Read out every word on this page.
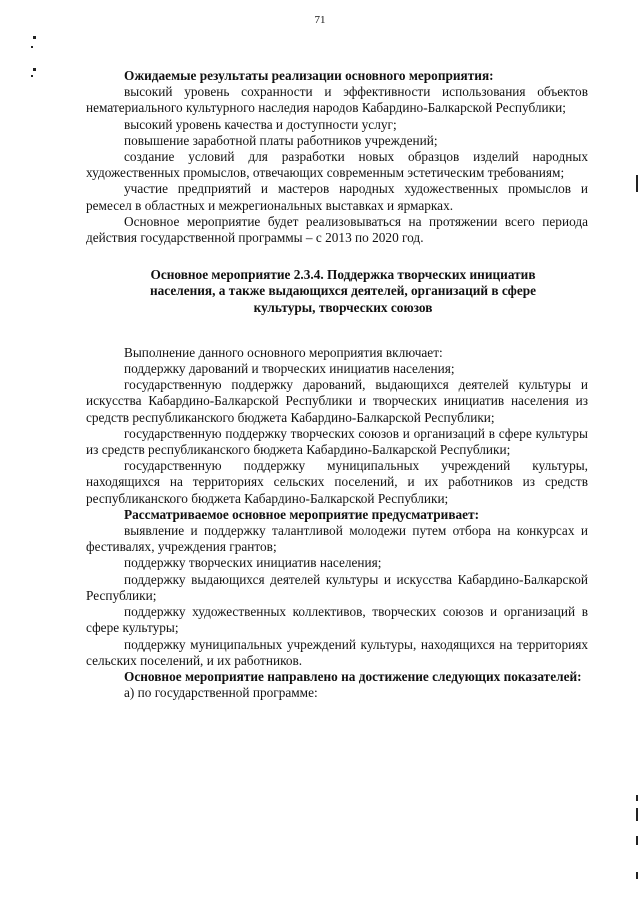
71

Ожидаемые результаты реализации основного мероприятия:

высокий уровень сохранности и эффективности использования объектов нематериального культурного наследия народов Кабардино-Балкарской Республики;

высокий уровень качества и доступности услуг;

повышение заработной платы работников учреждений;

создание условий для разработки новых образцов изделий народных художественных промыслов, отвечающих современным эстетическим требованиям;

участие предприятий и мастеров народных художественных промыслов и ремесел в областных и межрегиональных выставках и ярмарках.

Основное мероприятие будет реализовываться на протяжении всего периода действия государственной программы – с 2013 по 2020 год.

Основное мероприятие 2.3.4. Поддержка творческих инициатив населения, а также выдающихся деятелей, организаций в сфере культуры, творческих союзов

Выполнение данного основного мероприятия включает:

поддержку дарований и творческих инициатив населения;

государственную поддержку дарований, выдающихся деятелей культуры и искусства Кабардино-Балкарской Республики и творческих инициатив населения из средств республиканского бюджета Кабардино-Балкарской Республики;

государственную поддержку творческих союзов и организаций в сфере культуры из средств республиканского бюджета Кабардино-Балкарской Республики;

государственную поддержку муниципальных учреждений культуры, находящихся на территориях сельских поселений, и их работников из средств республиканского бюджета Кабардино-Балкарской Республики;

Рассматриваемое основное мероприятие предусматривает:

выявление и поддержку талантливой молодежи путем отбора на конкурсах и фестивалях, учреждения грантов;

поддержку творческих инициатив населения;

поддержку выдающихся деятелей культуры и искусства Кабардино-Балкарской Республики;

поддержку художественных коллективов, творческих союзов и организаций в сфере культуры;

поддержку муниципальных учреждений культуры, находящихся на территориях сельских поселений, и их работников.

Основное мероприятие направлено на достижение следующих показателей:

а) по государственной программе:
